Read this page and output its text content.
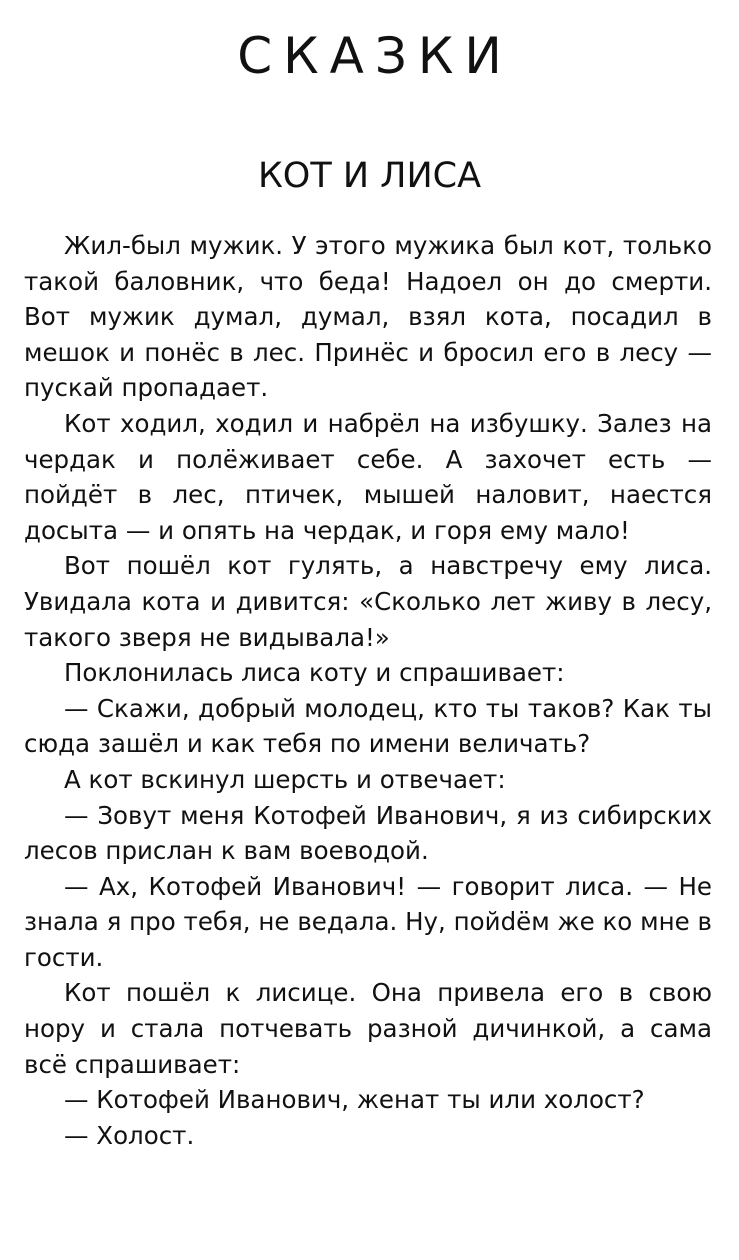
СКАЗКИ
КОТ И ЛИСА

Жил-был мужик. У этого мужика был кот, только такой баловник, что беда! Надоел он до смерти. Вот мужик думал, думал, взял кота, посадил в мешок и понёс в лес. Принёс и бросил его в лесу — пускай пропадает.

Кот ходил, ходил и набрёл на избушку. Залез на чердак и полёживает себе. А захочет есть — пойдёт в лес, птичек, мышей наловит, наестся досыта — и опять на чердак, и горя ему мало!

Вот пошёл кот гулять, а навстречу ему лиса. Увидала кота и дивится: «Сколько лет живу в лесу, такого зверя не видывала!»

Поклонилась лиса коту и спрашивает:

— Скажи, добрый молодец, кто ты таков? Как ты сюда зашёл и как тебя по имени величать?

А кот вскинул шерсть и отвечает:

— Зовут меня Котофей Иванович, я из сибирских лесов прислан к вам воеводой.

— Ах, Котофей Иванович! — говорит лиса. — Не знала я про тебя, не ведала. Ну, пойdём же ко мне в гости.

Кот пошёл к лисице. Она привела его в свою нору и стала потчевать разной дичинкой, а сама всё спрашивает:

— Котофей Иванович, женат ты или холост?

— Холост.
